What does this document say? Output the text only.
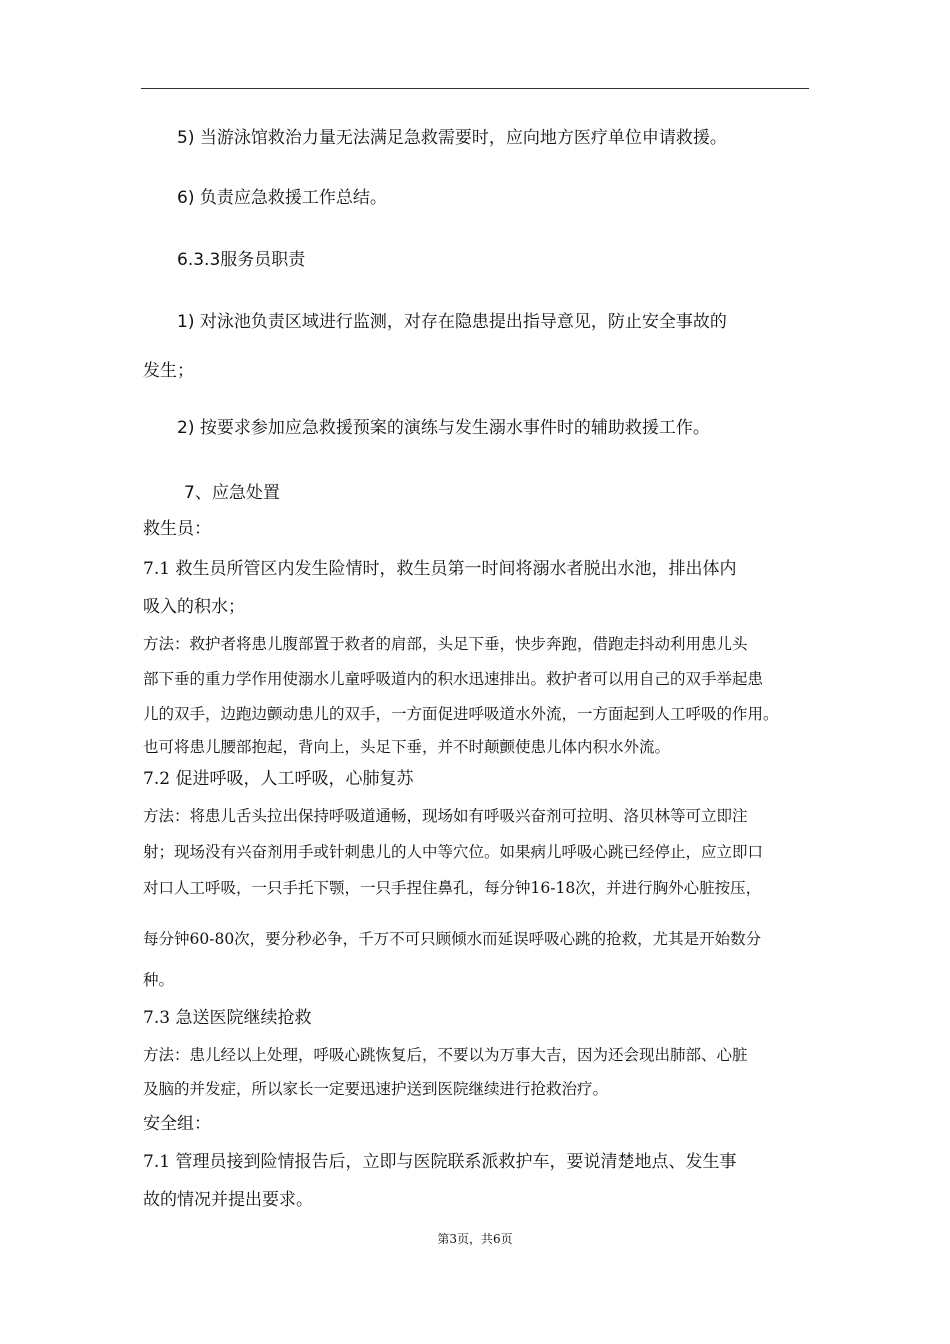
5) 当游泳馆救治力量无法满足急救需要时，应向地方医疗单位申请救援。
6) 负责应急救援工作总结。
6.3.3服务员职责
1) 对泳池负责区域进行监测，对存在隐患提出指导意见，防止安全事故的
发生；
2) 按要求参加应急救援预案的演练与发生溺水事件时的辅助救援工作。
7、应急处置
救生员：
7.1 救生员所管区内发生险情时，救生员第一时间将溺水者脱出水池，排出体内
吸入的积水；
方法：救护者将患儿腹部置于救者的肩部，头足下垂，快步奔跑，借跑走抖动利用患儿头
部下垂的重力学作用使溺水儿童呼吸道内的积水迅速排出。救护者可以用自己的双手举起患
儿的双手，边跑边颤动患儿的双手，一方面促进呼吸道水外流，一方面起到人工呼吸的作用。
也可将患儿腰部抱起，背向上，头足下垂，并不时颠颤使患儿体内积水外流。
7.2 促进呼吸，人工呼吸，心肺复苏
方法：将患儿舌头拉出保持呼吸道通畅，现场如有呼吸兴奋剂可拉明、洛贝林等可立即注
射；现场没有兴奋剂用手或针刺患儿的人中等穴位。如果病儿呼吸心跳已经停止，应立即口
对口人工呼吸，一只手托下颚，一只手捏住鼻孔，每分钟16-18次，并进行胸外心脏按压，
每分钟60-80次，要分秒必争，千万不可只顾倾水而延误呼吸心跳的抢救，尤其是开始数分
种。
7.3 急送医院继续抢救
方法：患儿经以上处理，呼吸心跳恢复后，不要以为万事大吉，因为还会现出肺部、心脏
及脑的并发症，所以家长一定要迅速护送到医院继续进行抢救治疗。
安全组：
7.1 管理员接到险情报告后，立即与医院联系派救护车，要说清楚地点、发生事
故的情况并提出要求。
第3页，共6页
